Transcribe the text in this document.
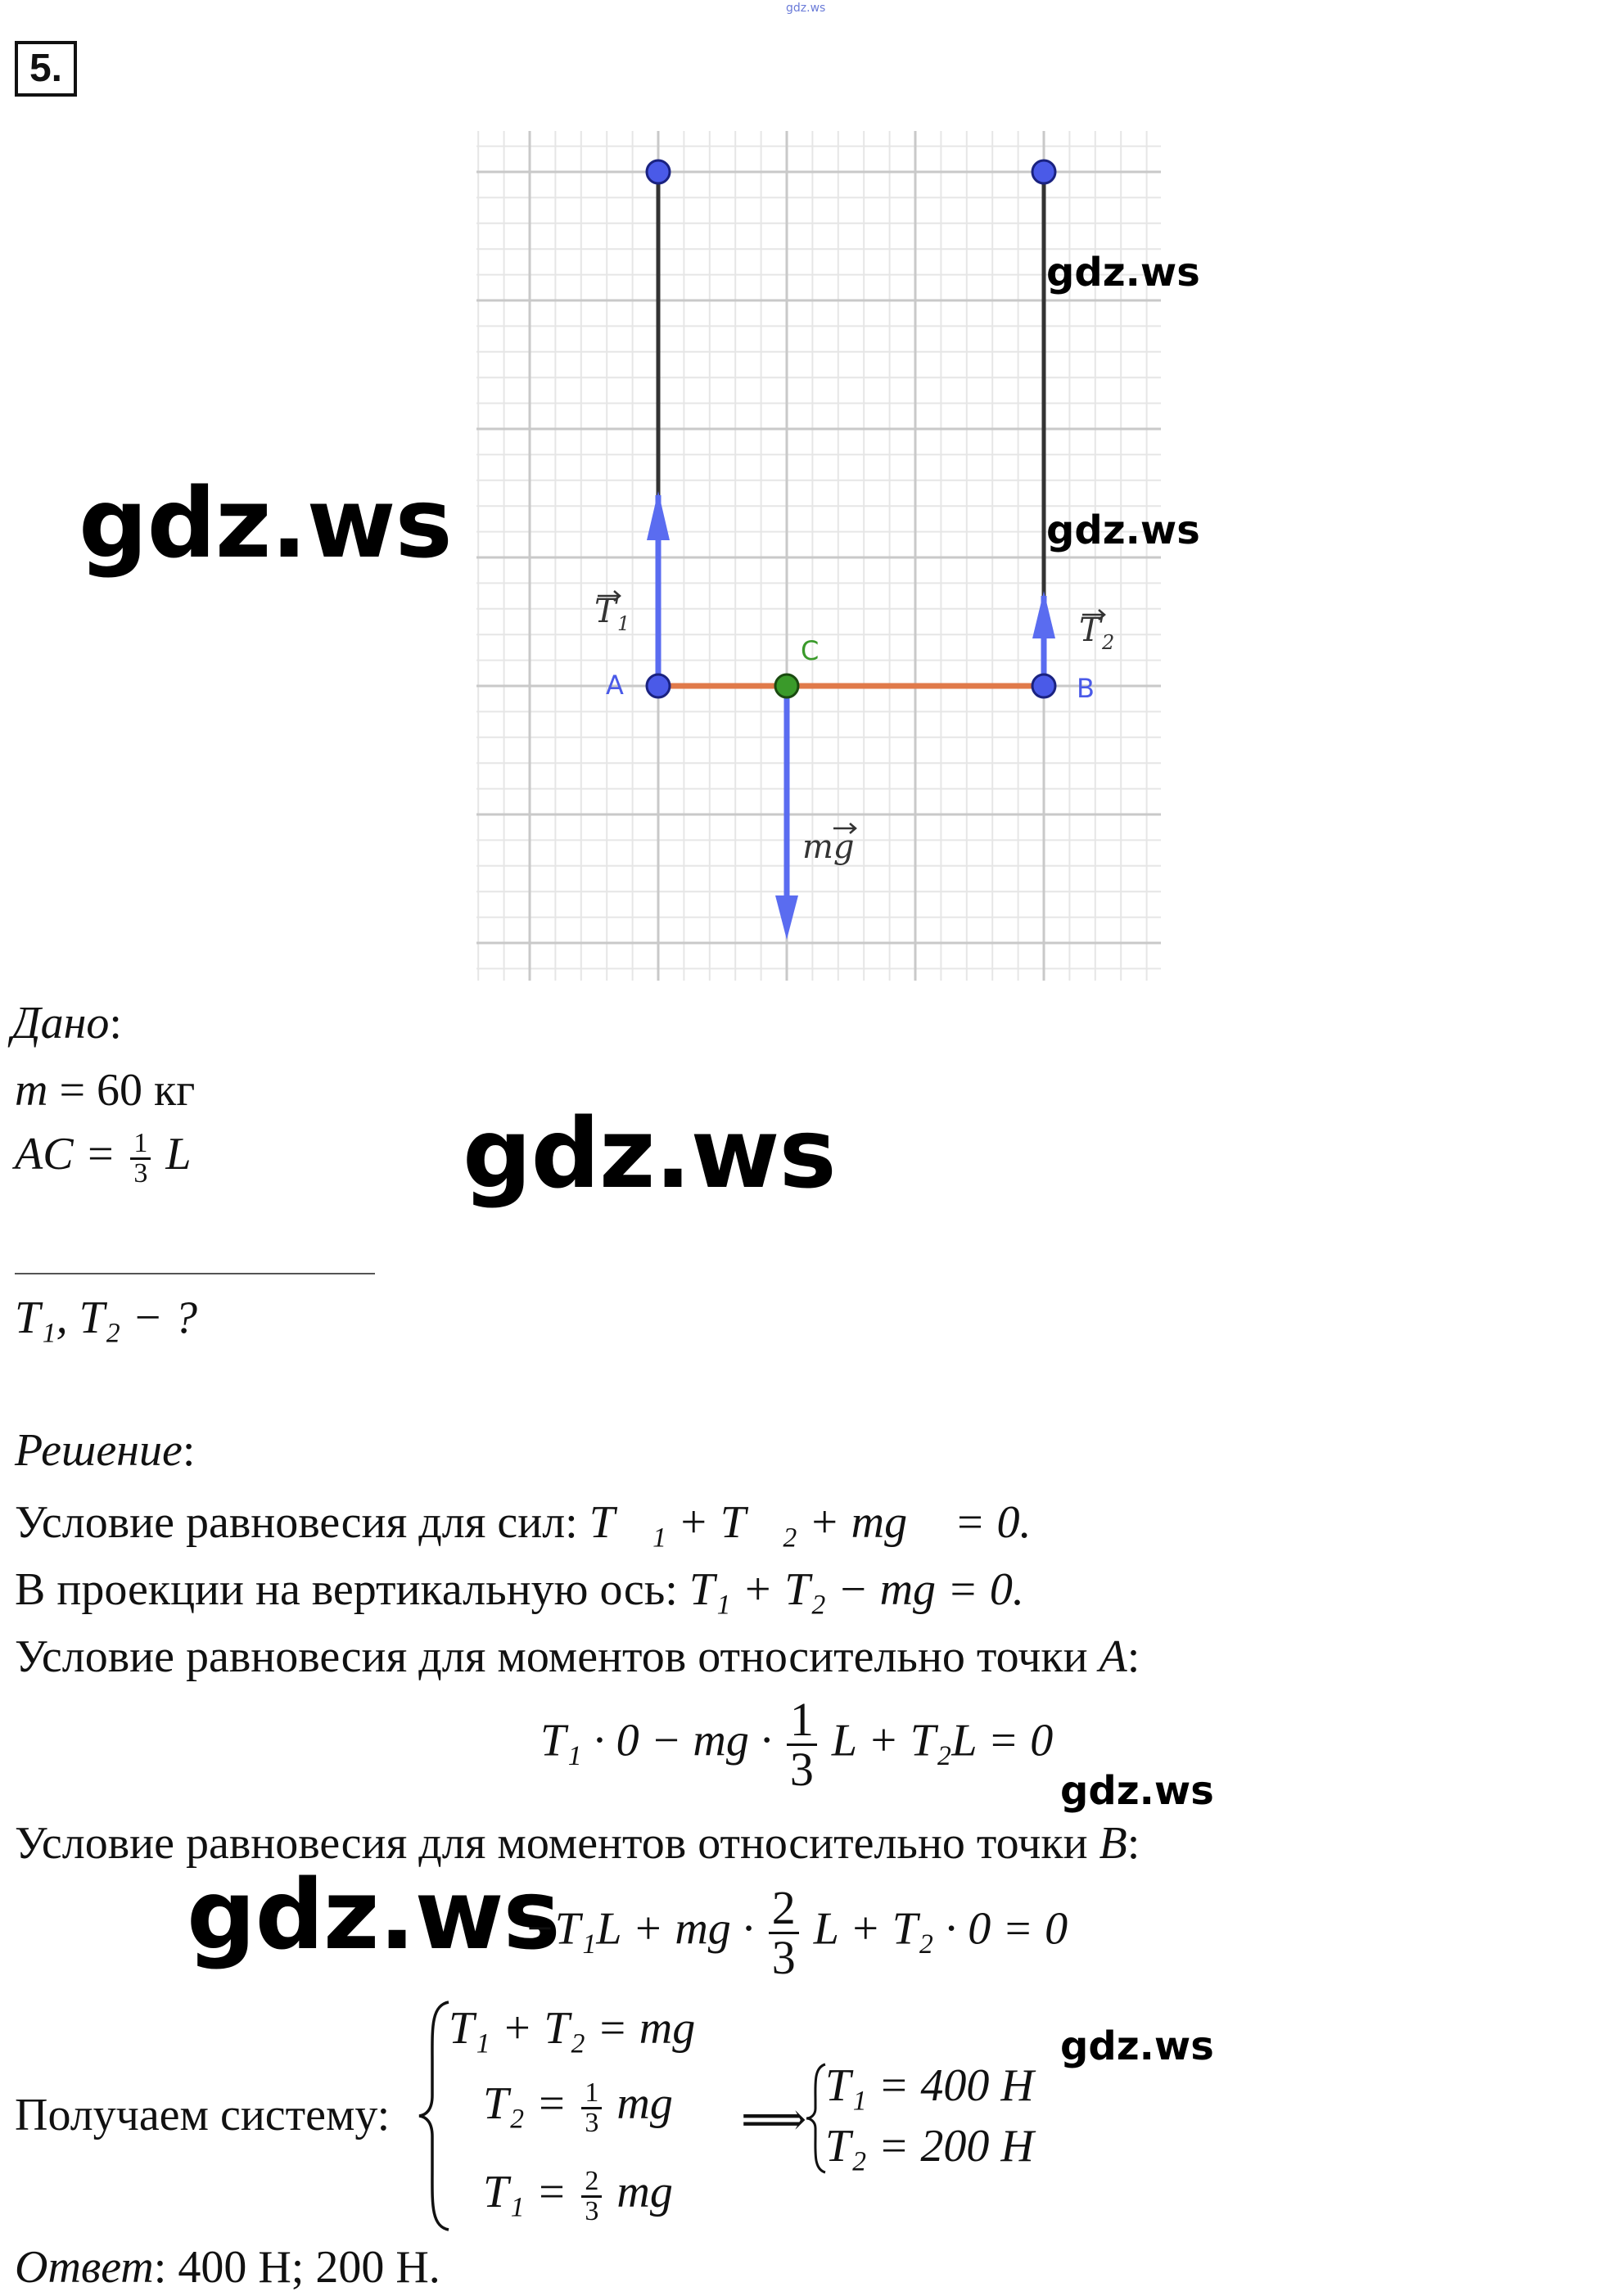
gdz.ws
5.
A	B
C
T 1	T 2
mg
gdz.ws
gdz.ws
gdz.ws
Дано:
m = 60 кг
AC = $\frac{1}{3}$ L	gdz.ws
T₁, T₂ − ?
Решение:
Условие равновесия для сил: T⃗₁ + T⃗₂ + mg⃗ = 0.
В проекции на вертикальную ось: T₁ + T₂ − mg = 0.
Условие равновесия для моментов относительно точки A:
T₁ · 0 − mg · $\frac{1}{3}$ L + T₂L = 0
gdz.ws
Условие равновесия для моментов относительно точки B:
gdz.ws
−T₁L + mg · $\frac{2}{3}$ L + T₂ · 0 = 0
Получаем систему:
T₁ + T₂ = mg
$T_2 = \frac{1}{3}$ mg
$T_1 = \frac{2}{3}$ mg
⟹
T₁ = 400 Н
T₂ = 200 Н
gdz.ws
Ответ: 400 Н; 200 Н.
